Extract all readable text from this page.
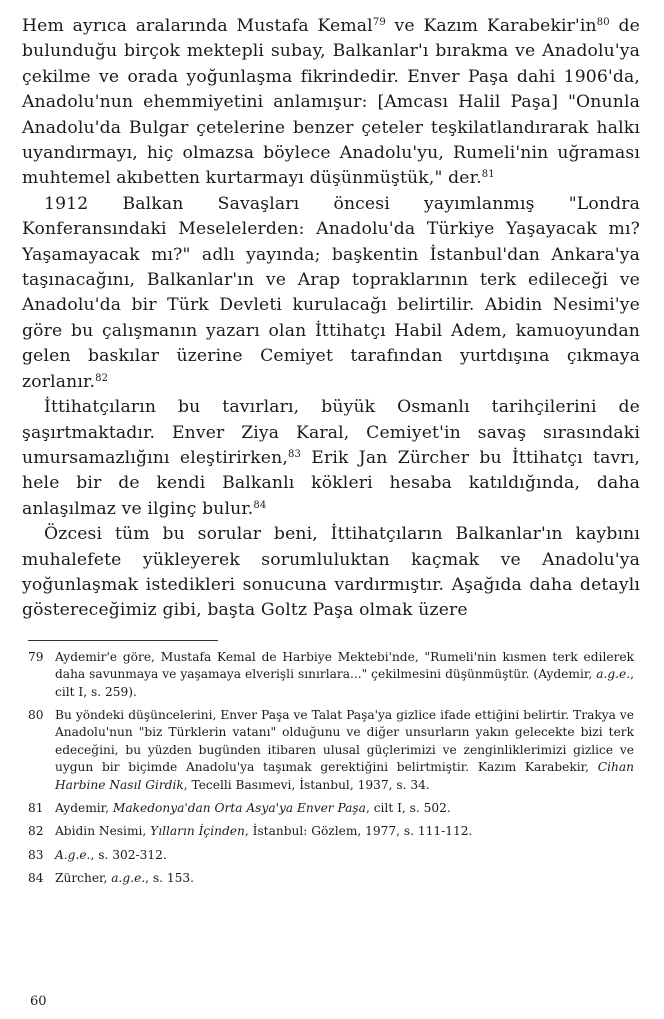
Hem ayrıca aralarında Mustafa Kemal$^{79}$ ve Kazım $Karabekir'in^{80}$ de bulunduğu birçok mektepli subay, Balkanlar'ı bırakma ve Anadolu'ya çekilme ve orada yoğunlaşma fikrindedir. Enver Paşa dahi 1906'da, Anadolu'nun ehemmiyetini anlamışur: [Amcası Halil Paşa] "Onunla Anadolu'da Bulgar çetelerine benzer çeteler teşkilatlandırarak halkı uyandırmayı, hiç olmazsa böylece Anadolu'yu, Rumeli'nin uğraması muhtemel akıbetten kurtarmayı düşünmüştük," der.$^{81}$

1912 Balkan Savaşları öncesi yayımlanmış "Londra Konferansındaki Meselelerden: Anadolu'da Türkiye Yaşayacak mı? Yaşamayacak mı?" adlı yayında; başkentin İstanbul'dan Ankara'ya taşınacağını, Balkanlar'ın ve Arap topraklarının terk edileceği ve Anadolu'da bir Türk Devleti kurulacağı belirtilir. Abidin Nesimi'ye göre bu çalışmanın yazarı olan İttihatçı Habil Adem, kamuoyundan gelen baskılar üzerine Cemiyet tarafından yurtdışına çıkmaya zorlanır.$^{82}$

İttihatçıların bu tavırları, büyük Osmanlı tarihçilerini de şaşırtmaktadır. Enver Ziya Karal, Cemiyet'in savaş sırasındaki umursamazlığını eleştirirken,$^{83}$ Erik Jan Zürcher bu İttihatçı tavrı, hele bir de kendi Balkanlı kökleri hesaba katıldığında, daha anlaşılmaz ve ilginç bulur.$^{84}$

Özcesi tüm bu sorular beni, İttihatçıların Balkanlar'ın kaybını muhalefete yükleyerek sorumluluktan kaçmak ve Anadolu'ya yoğunlaşmak istedikleri sonucuna vardırmıştır. Aşağıda daha detaylı göstereceğimiz gibi, başta Goltz Paşa olmak üzere

79 Aydemir'e göre, Mustafa Kemal de Harbiye Mektebi'nde, "Rumeli'nin kısmen terk edilerek daha savunmaya ve yaşamaya elverişli sınırlara..." çekilmesini düşünmüştür. (Aydemir, a.g.e., cilt I, s. 259).
80 Bu yöndeki düşüncelerini, Enver Paşa ve Talat Paşa'ya gizlice ifade ettiğini belirtir. Trakya ve Anadolu'nun "biz Türklerin vatanı" olduğunu ve diğer unsurların yakın gelecekte bizi terk edeceğini, bu yüzden bugünden itibaren ulusal güçlerimizi ve zenginliklerimizi gizlice ve uygun bir biçimde Anadolu'ya taşımak gerektiğini belirtmiştir. Kazım Karabekir, Cihan Harbine Nasıl Girdik, Tecelli Basımevi, İstanbul, 1937, s. 34.
81 Aydemir, Makedonya'dan Orta Asya'ya Enver Paşa, cilt I, s. 502.
82 Abidin Nesimi, Yılların İçinden, İstanbul: Gözlem, 1977, s. 111-112.
83 A.g.e., s. 302-312.
84 Zürcher, a.g.e., s. 153.
60
